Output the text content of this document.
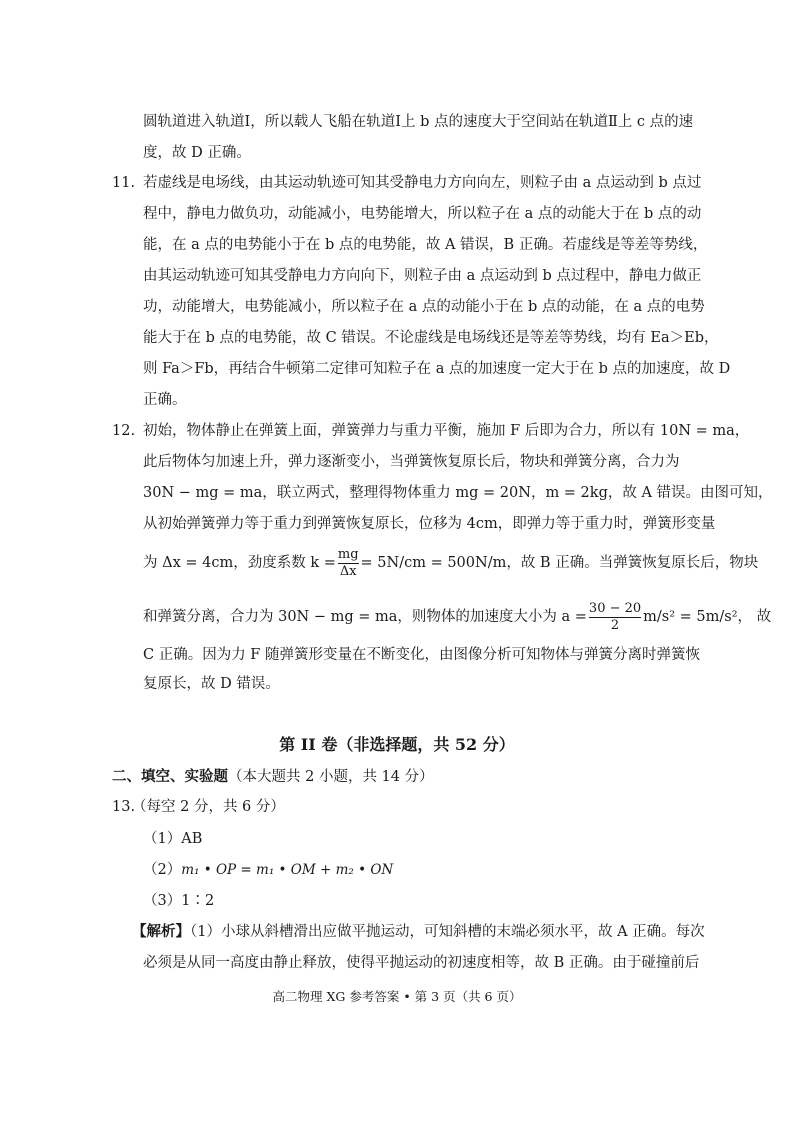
圆轨道进入轨道Ⅰ，所以载人飞船在轨道Ⅰ上 b 点的速度大于空间站在轨道Ⅱ上 c 点的速
度，故 D 正确。
11. 若虚线是电场线，由其运动轨迹可知其受静电力方向向左，则粒子由 a 点运动到 b 点过
程中，静电力做负功，动能减小，电势能增大，所以粒子在 a 点的动能大于在 b 点的动
能，在 a 点的电势能小于在 b 点的电势能，故 A 错误，B 正确。若虚线是等差等势线，
由其运动轨迹可知其受静电力方向向下，则粒子由 a 点运动到 b 点过程中，静电力做正
功，动能增大，电势能减小，所以粒子在 a 点的动能小于在 b 点的动能，在 a 点的电势
能大于在 b 点的电势能，故 C 错误。不论虚线是电场线还是等差等势线，均有 Ea＞Eb，
则 Fa＞Fb，再结合牛顿第二定律可知粒子在 a 点的加速度一定大于在 b 点的加速度，故 D
正确。
12. 初始，物体静止在弹簧上面，弹簧弹力与重力平衡，施加 F 后即为合力，所以有 10N = ma，
此后物体匀加速上升，弹力逐渐变小，当弹簧恢复原长后，物块和弹簧分离，合力为
30N − mg = ma，联立两式，整理得物体重力 mg = 20N，m = 2kg，故 A 错误。由图可知，
从初始弹簧弹力等于重力到弹簧恢复原长，位移为 4cm，即弹力等于重力时，弹簧形变量
为 Δx = 4cm，劲度系数 $k = \frac{mg}{\Delta x} = 5N/cm = 500N/m$，故 B 正确。当弹簧恢复原长后，物块
和弹簧分离，合力为 30N − mg = ma，则物体的加速度大小为 $a = \frac{30 - 20}{2} m/s^2 = 5m/s^2$， 故
C 正确。因为力 F 随弹簧形变量在不断变化，由图像分析可知物体与弹簧分离时弹簧恢
复原长，故 D 错误。
第 II 卷（非选择题，共 52 分）
二、填空、实验题（本大题共 2 小题，共 14 分）
13.
（每空 2 分，共 6 分）
（1）AB
（2）m₁ • OP = m₁ • OM + m₂ • ON
（3）1∶2
【解析】（1）小球从斜槽滑出应做平抛运动，可知斜槽的末端必须水平，故 A 正确。每次
必须是从同一高度由静止释放，使得平抛运动的初速度相等，故 B 正确。由于碰撞前后
高二物理 XG 参考答案 • 第 3 页（共 6 页）
